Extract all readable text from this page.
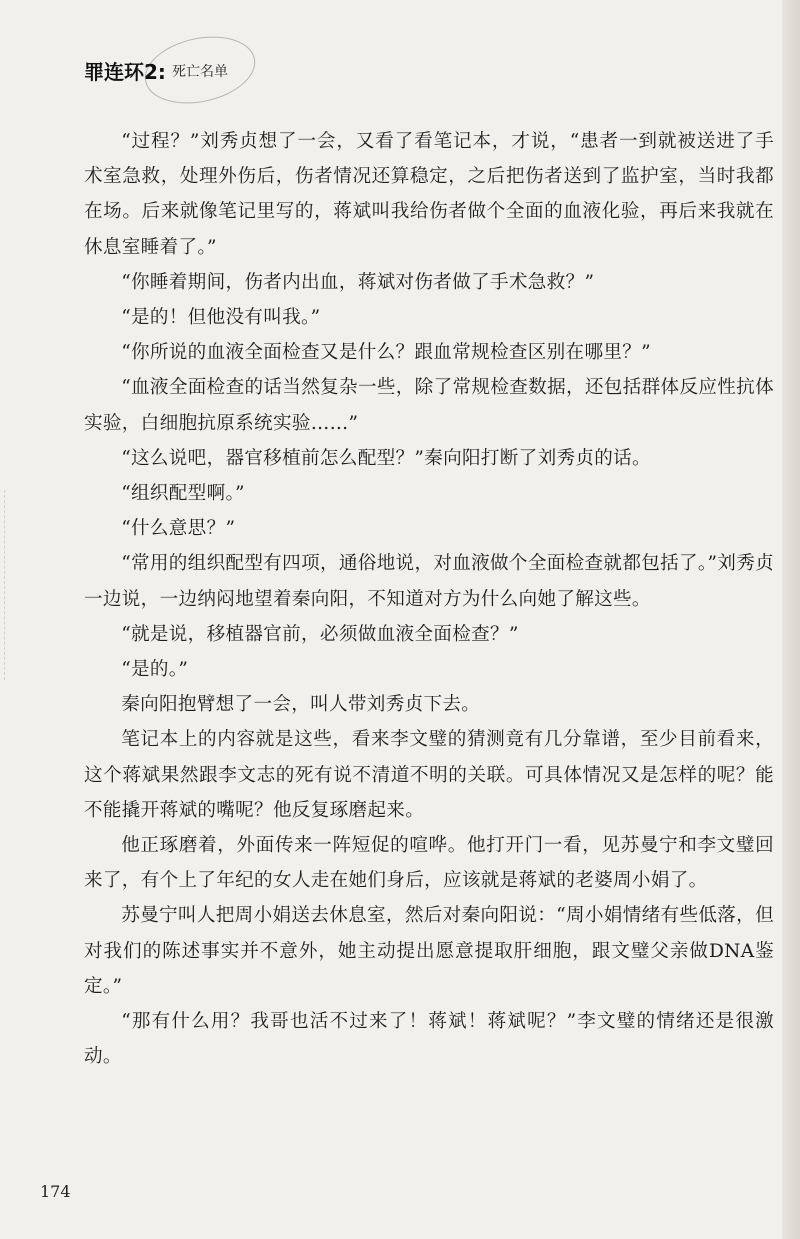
罪连环2: 死亡名单

“过程？”刘秀贞想了一会，又看了看笔记本，才说，“患者一到就被送进了手术室急救，处理外伤后，伤者情况还算稳定，之后把伤者送到了监护室，当时我都在场。后来就像笔记里写的，蒋斌叫我给伤者做个全面的血液化验，再后来我就在休息室睡着了。”

“你睡着期间，伤者内出血，蒋斌对伤者做了手术急救？”

“是的！但他没有叫我。”

“你所说的血液全面检查又是什么？跟血常规检查区别在哪里？”

“血液全面检查的话当然复杂一些，除了常规检查数据，还包括群体反应性抗体实验，白细胞抗原系统实验……”

“这么说吧，器官移植前怎么配型？”秦向阳打断了刘秀贞的话。

“组织配型啊。”

“什么意思？”

“常用的组织配型有四项，通俗地说，对血液做个全面检查就都包括了。”刘秀贞一边说，一边纳闷地望着秦向阳，不知道对方为什么向她了解这些。

“就是说，移植器官前，必须做血液全面检查？”

“是的。”

秦向阳抱臂想了一会，叫人带刘秀贞下去。

笔记本上的内容就是这些，看来李文璧的猜测竟有几分靠谱，至少目前看来，这个蒋斌果然跟李文志的死有说不清道不明的关联。可具体情况又是怎样的呢？能不能撬开蒋斌的嘴呢？他反复琢磨起来。

他正琢磨着，外面传来一阵短促的喧哗。他打开门一看，见苏曼宁和李文璧回来了，有个上了年纪的女人走在她们身后，应该就是蒋斌的老婆周小娟了。

苏曼宁叫人把周小娟送去休息室，然后对秦向阳说：“周小娟情绪有些低落，但对我们的陈述事实并不意外，她主动提出愿意提取肝细胞，跟文璧父亲做DNA鉴定。”

“那有什么用？我哥也活不过来了！蒋斌！蒋斌呢？”李文璧的情绪还是很激动。

174
